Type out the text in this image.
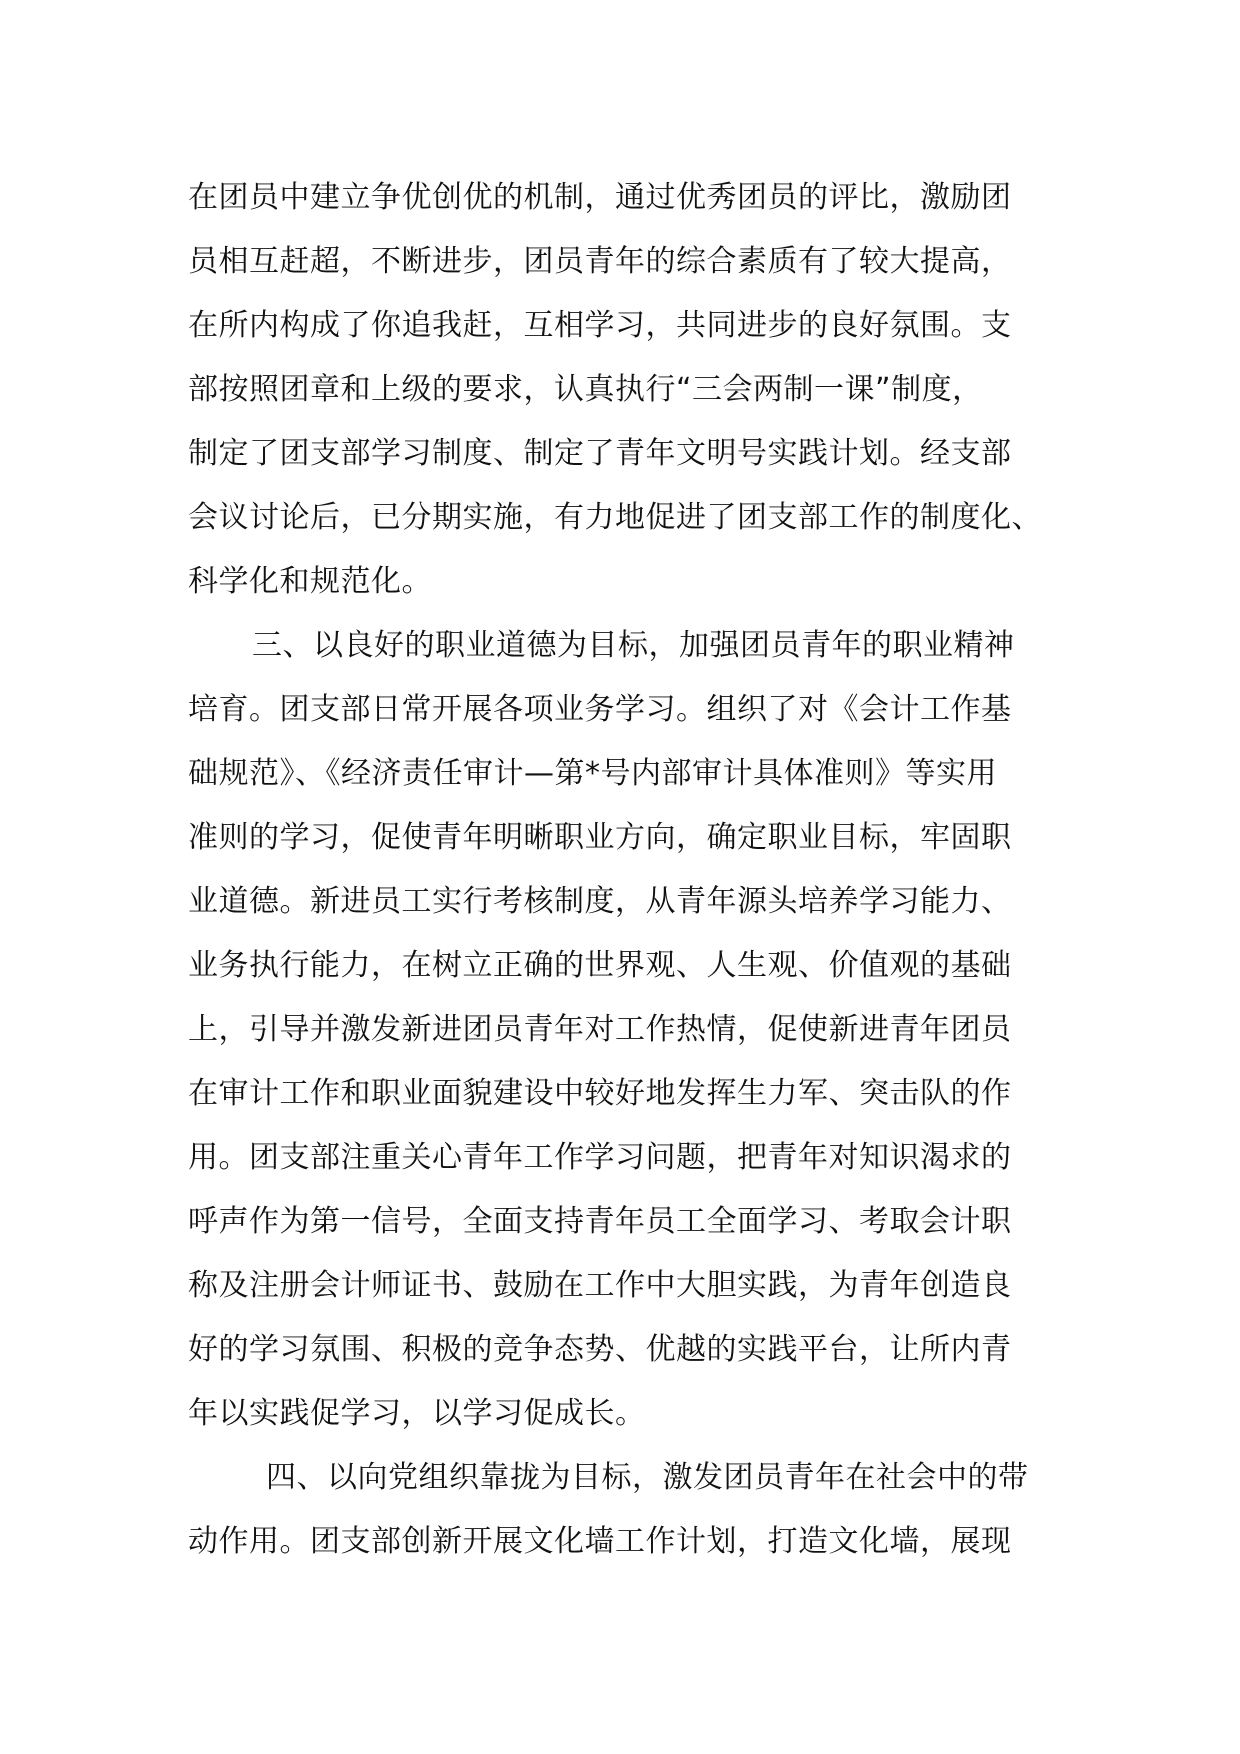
在团员中建立争优创优的机制，通过优秀团员的评比，激励团
员相互赶超，不断进步，团员青年的综合素质有了较大提高，
在所内构成了你追我赶，互相学习，共同进步的良好氛围。支
部按照团章和上级的要求，认真执行“三会两制一课”制度，
制定了团支部学习制度、制定了青年文明号实践计划。经支部
会议讨论后，已分期实施，有力地促进了团支部工作的制度化、
科学化和规范化。
三、以良好的职业道德为目标，加强团员青年的职业精神
培育。团支部日常开展各项业务学习。组织了对《会计工作基
础规范》、《经济责任审计—第*号内部审计具体准则》等实用
准则的学习，促使青年明晰职业方向，确定职业目标，牢固职
业道德。新进员工实行考核制度，从青年源头培养学习能力、
业务执行能力，在树立正确的世界观、人生观、价值观的基础
上，引导并激发新进团员青年对工作热情，促使新进青年团员
在审计工作和职业面貌建设中较好地发挥生力军、突击队的作
用。团支部注重关心青年工作学习问题，把青年对知识渴求的
呼声作为第一信号，全面支持青年员工全面学习、考取会计职
称及注册会计师证书、鼓励在工作中大胆实践，为青年创造良
好的学习氛围、积极的竞争态势、优越的实践平台，让所内青
年以实践促学习，以学习促成长。
四、以向党组织靠拢为目标，激发团员青年在社会中的带
动作用。团支部创新开展文化墙工作计划，打造文化墙，展现
